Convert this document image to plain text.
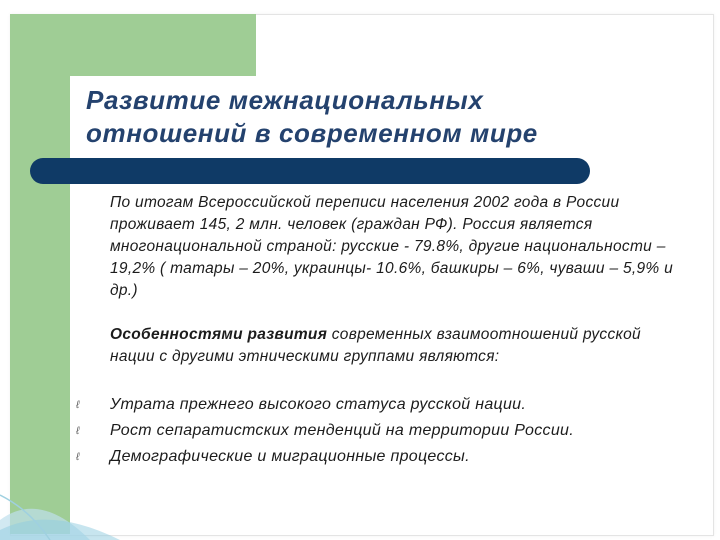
Развитие межнациональных
отношений в современном мире
По итогам Всероссийской переписи населения 2002 года в России проживает 145, 2 млн. человек (граждан РФ). Россия является многонациональной страной: русские - 79.8%, другие национальности – 19,2% ( татары – 20%, украинцы- 10.6%, башкиры – 6%, чуваши – 5,9% и др.)
Особенностями развития современных взаимоотношений русской нации с другими этническими группами являются:
ℓ Утрата прежнего высокого статуса русской нации.
ℓ Рост сепаратистских тенденций на территории России.
ℓ Демографические и миграционные процессы.
